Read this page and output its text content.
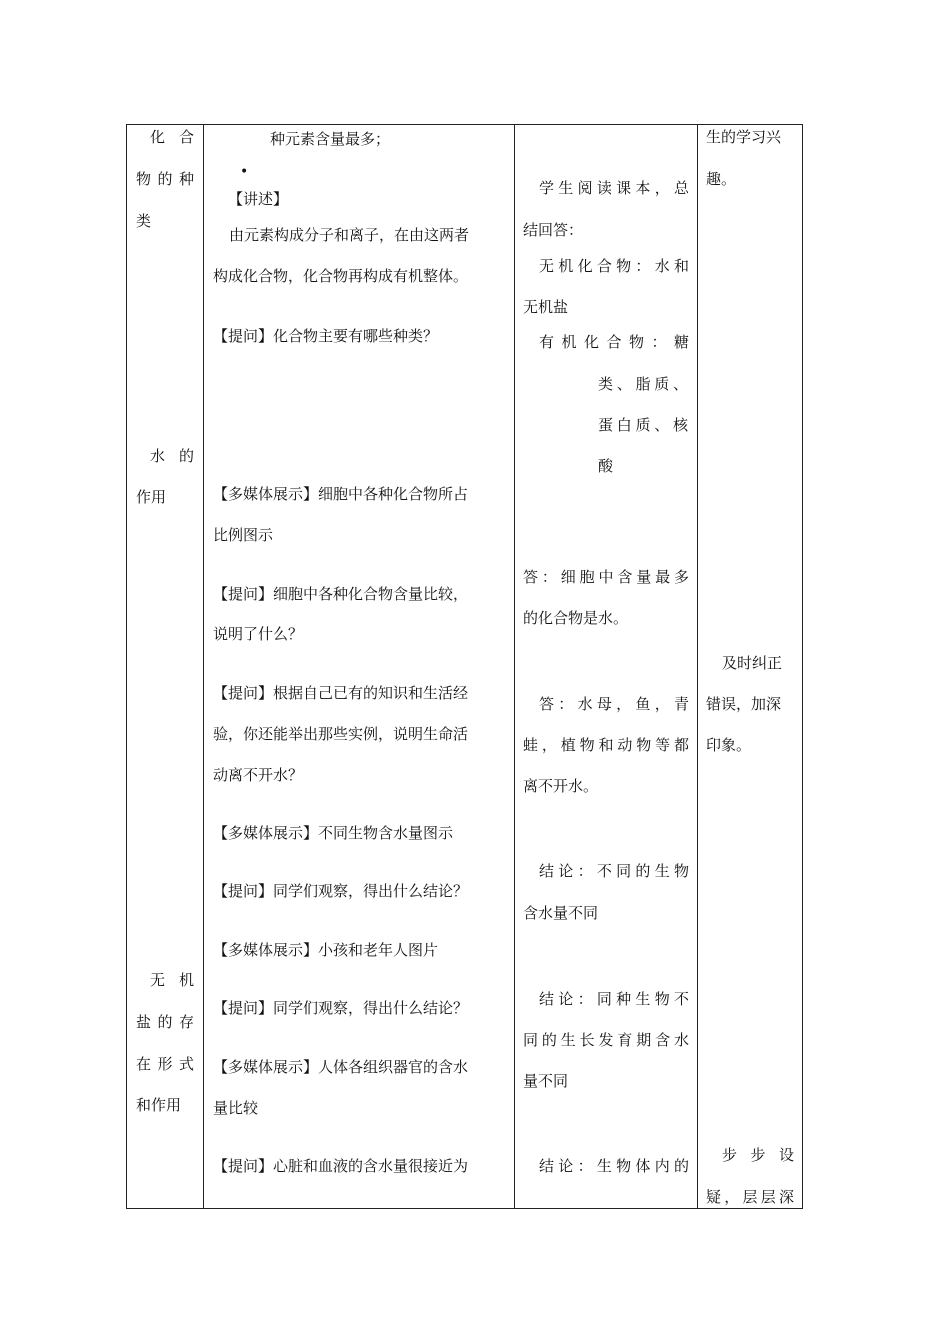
化合
物的种
类
水的
作用
无机
盐的存
在形式
和作用
种元素含量最多；
•
【讲述】
由元素构成分子和离子，在由这两者
构成化合物，化合物再构成有机整体。
【提问】化合物主要有哪些种类？
【多媒体展示】细胞中各种化合物所占
比例图示
【提问】细胞中各种化合物含量比较，
说明了什么？
【提问】根据自己已有的知识和生活经
验，你还能举出那些实例，说明生命活
动离不开水？
【多媒体展示】不同生物含水量图示
【提问】同学们观察，得出什么结论？
【多媒体展示】小孩和老年人图片
【提问】同学们观察，得出什么结论？
【多媒体展示】人体各组织器官的含水
量比较
【提问】心脏和血液的含水量很接近为
学生阅读课本，总
结回答：
无机化合物：水和
无机盐
有机化合物：糖
类、脂质、
蛋白质、核
酸
答：细胞中含量最多
的化合物是水。
答：水母，鱼，青
蛙，植物和动物等都
离不开水。
结论：不同的生物
含水量不同
结论：同种生物不
同的生长发育期含水
量不同
结论：生物体内的
生的学习兴
趣。
及时纠正
错误，加深
印象。
步步设
疑，层层深
